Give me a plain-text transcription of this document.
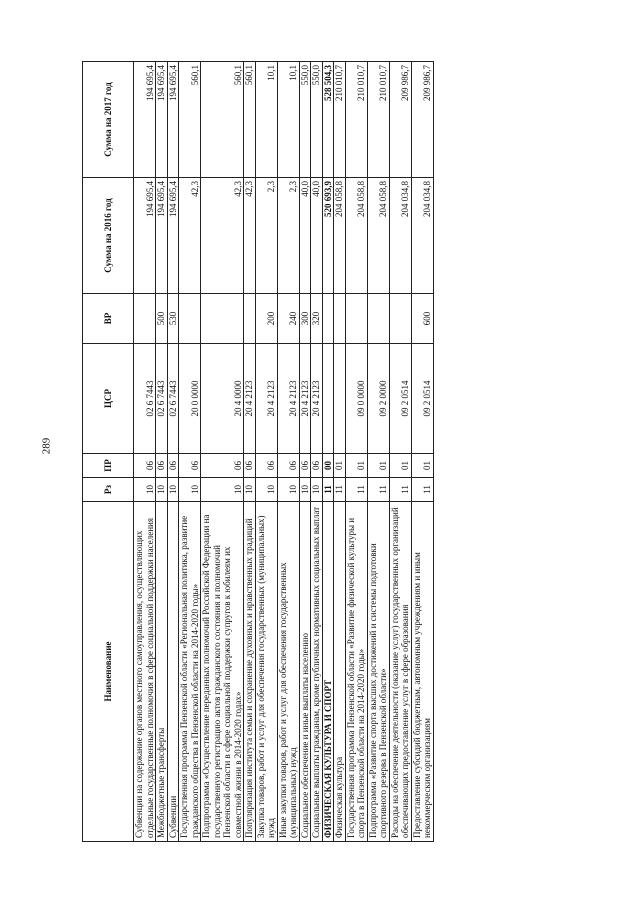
289
Наименование	Рз	ПР	ЦСР	ВР	Сумма на 2016 год	Сумма на 2017 год
Субвенции на содержание органов местного самоуправления, осуществляющих отдельные государственные полномочия в сфере социальной поддержки населения	10	06	02 6 7443		194 695,4	194 695,4
Межбюджетные трансферты	10	06	02 6 7443	500	194 695,4	194 695,4
Субвенции	10	06	02 6 7443	530	194 695,4	194 695,4
Государственная программа Пензенской области «Региональная политика, развитие гражданского общества в Пензенской области на 2014-2020 годы»	10	06	20 0 0000		42,3	560,1
Подпрограмма «Осуществление переданных полномочий Российской Федерации на государственную регистрацию актов гражданского состояния и полномочий Пензенской области в сфере социальной поддержки супругов к юбилеям их совместной жизни в 2014-2020 годах»	10	06	20 4 0000		42,3	560,1
Популяризация института семьи и сохранение духовных и нравственных традиций	10	06	20 4 2123		42,3	560,1
Закупка товаров, работ и услуг для обеспечения государственных (муниципальных) нужд	10	06	20 4 2123	200	2,3	10,1
Иные закупки товаров, работ и услуг для обеспечения государственных (муниципальных) нужд	10	06	20 4 2123	240	2,3	10,1
Социальное обеспечение и иные выплаты населению	10	06	20 4 2123	300	40,0	550,0
Социальные выплаты гражданам, кроме публичных нормативных социальных выплат	10	06	20 4 2123	320	40,0	550,0
ФИЗИЧЕСКАЯ КУЛЬТУРА И СПОРТ	11	00			520 693,9	528 504,3
Физическая культура	11	01			204 058,8	210 010,7
Государственная программа Пензенской области «Развитие физической культуры и спорта в Пензенской области на 2014-2020 годы»	11	01	09 0 0000		204 058,8	210 010,7
Подпрограмма «Развитие спорта высших достижений и системы подготовки спортивного резерва в Пензенской области»	11	01	09 2 0000		204 058,8	210 010,7
Расходы на обеспечение деятельности (оказание услуг) государственных организаций обеспечивающих предоставление услуг в сфере образования	11	01	09 2 0514		204 034,8	209 986,7
Предоставление субсидий бюджетным, автономным учреждениям и иным некоммерческим организациям	11	01	09 2 0514	600	204 034,8	209 986,7
